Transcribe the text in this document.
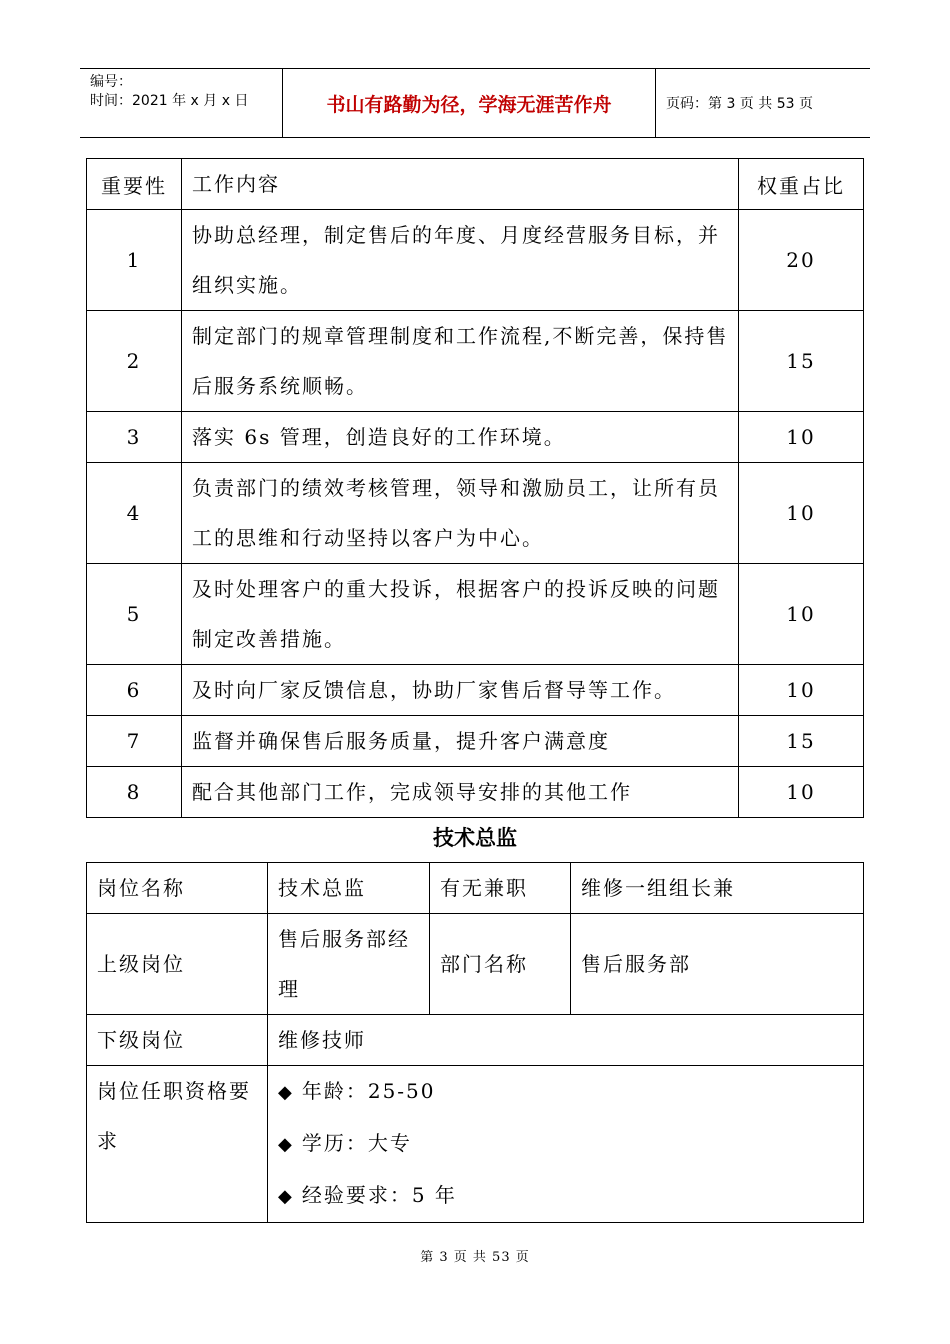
编号：
时间：2021 年 x 月 x 日	书山有路勤为径，学海无涯苦作舟	页码：第 3 页 共 53 页
重要性	工作内容	权重占比
1	协助总经理，制定售后的年度、月度经营服务目标，并组织实施。	20
2	制定部门的规章管理制度和工作流程,不断完善，保持售后服务系统顺畅。	15
3	落实 6s 管理，创造良好的工作环境。	10
4	负责部门的绩效考核管理，领导和激励员工，让所有员工的思维和行动坚持以客户为中心。	10
5	及时处理客户的重大投诉，根据客户的投诉反映的问题制定改善措施。	10
6	及时向厂家反馈信息，协助厂家售后督导等工作。	10
7	监督并确保售后服务质量，提升客户满意度	15
8	配合其他部门工作，完成领导安排的其他工作	10
技术总监
岗位名称	技术总监	有无兼职	维修一组组长兼
上级岗位	售后服务部经理	部门名称	售后服务部
下级岗位	维修技师		
岗位任职资格要求	◆ 年龄：25-50
◆ 学历：大专
◆ 经验要求：5 年		
第 3 页 共 53 页
